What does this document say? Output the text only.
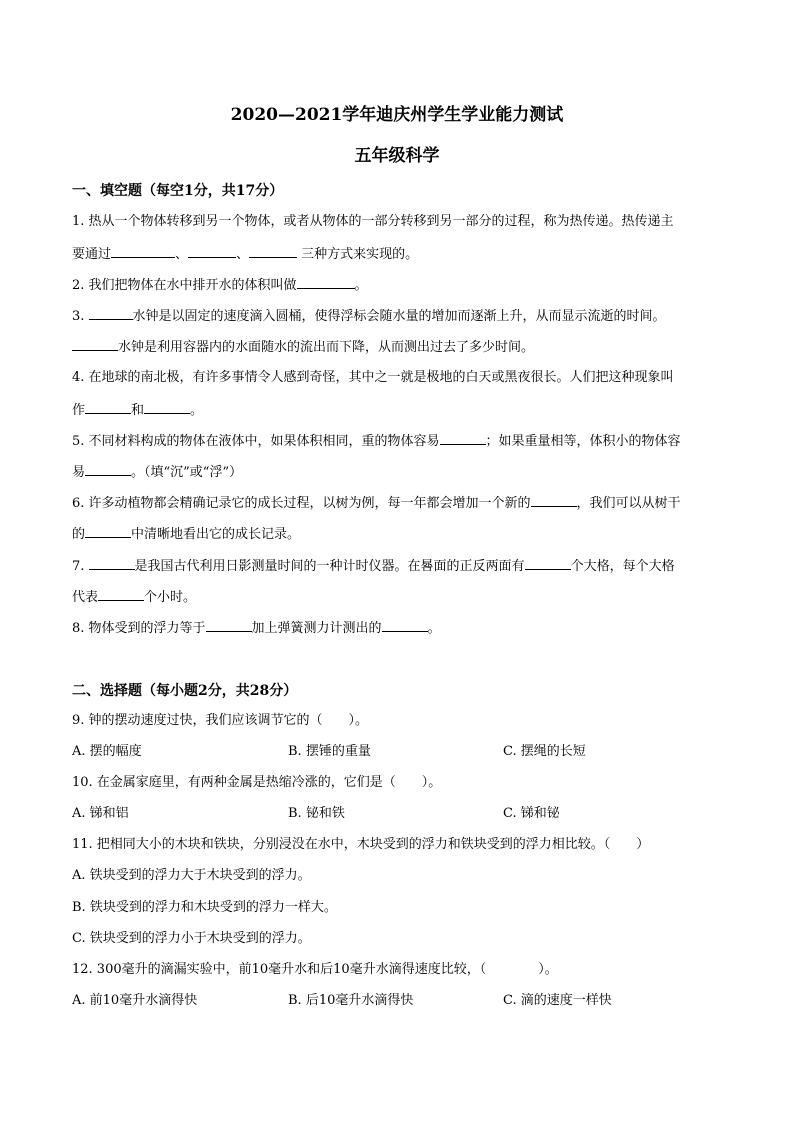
2020—2021学年迪庆州学生学业能力测试
五年级科学
一、填空题（每空1分，共17分）
1. 热从一个物体转移到另一个物体，或者从物体的一部分转移到另一部分的过程，称为热传递。热传递主
要通过	、	、	三种方式来实现的。
2. 我们把物体在水中排开水的体积叫做	。
3.	水钟是以固定的速度滴入圆桶，使得浮标会随水量的增加而逐渐上升，从而显示流逝的时间。
水钟是利用容器内的水面随水的流出而下降，从而测出过去了多少时间。
4. 在地球的南北极，有许多事情令人感到奇怪，其中之一就是极地的白天或黑夜很长。人们把这种现象叫
作	和	。
5. 不同材料构成的物体在液体中，如果体积相同，重的物体容易	；如果重量相等，体积小的物体容
易	。（填“沉”或“浮”）
6. 许多动植物都会精确记录它的成长过程，以树为例，每一年都会增加一个新的	，我们可以从树干
的	中清晰地看出它的成长记录。
7.	是我国古代利用日影测量时间的一种计时仪器。在晷面的正反两面有	个大格，每个大格
代表	个小时。
8. 物体受到的浮力等于	加上弹簧测力计测出的	。
二、选择题（每小题2分，共28分）
9. 钟的摆动速度过快，我们应该调节它的（　　）。
A. 摆的幅度	B. 摆锤的重量	C. 摆绳的长短
10. 在金属家庭里，有两种金属是热缩冷涨的，它们是（　　）。
A. 锑和铝	B. 铋和铁	C. 锑和铋
11. 把相同大小的木块和铁块，分别浸没在水中，木块受到的浮力和铁块受到的浮力相比较。（　　）
A. 铁块受到的浮力大于木块受到的浮力。
B. 铁块受到的浮力和木块受到的浮力一样大。
C. 铁块受到的浮力小于木块受到的浮力。
12. 300毫升的滴漏实验中，前10毫升水和后10毫升水滴得速度比较，（　　　　）。
A. 前10毫升水滴得快	B. 后10毫升水滴得快	C. 滴的速度一样快
